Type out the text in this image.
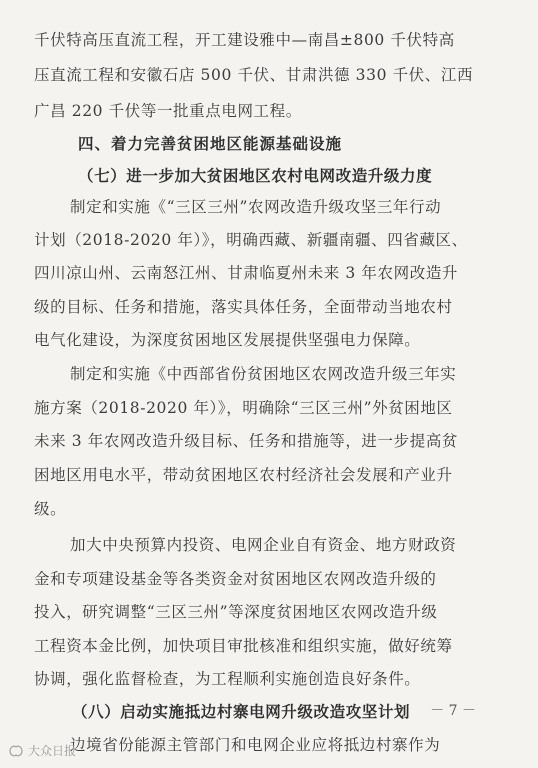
千伏特高压直流工程，开工建设雅中—南昌±800 千伏特高
压直流工程和安徽石店 500 千伏、甘肃洪德 330 千伏、江西
广昌 220 千伏等一批重点电网工程。
四、着力完善贫困地区能源基础设施
（七）进一步加大贫困地区农村电网改造升级力度
制定和实施《“三区三州”农网改造升级攻坚三年行动
计划（2018-2020 年）》，明确西藏、新疆南疆、四省藏区、
四川凉山州、云南怒江州、甘肃临夏州未来 3 年农网改造升
级的目标、任务和措施，落实具体任务，全面带动当地农村
电气化建设，为深度贫困地区发展提供坚强电力保障。
制定和实施《中西部省份贫困地区农网改造升级三年实
施方案（2018-2020 年）》，明确除“三区三州”外贫困地区
未来 3 年农网改造升级目标、任务和措施等，进一步提高贫
困地区用电水平，带动贫困地区农村经济社会发展和产业升
级。
加大中央预算内投资、电网企业自有资金、地方财政资
金和专项建设基金等各类资金对贫困地区农网改造升级的
投入，研究调整“三区三州”等深度贫困地区农网改造升级
工程资本金比例，加快项目审批核准和组织实施，做好统筹
协调，强化监督检查，为工程顺利实施创造良好条件。
（八）启动实施抵边村寨电网升级改造攻坚计划
边境省份能源主管部门和电网企业应将抵边村寨作为
－ 7 －
大众日报
